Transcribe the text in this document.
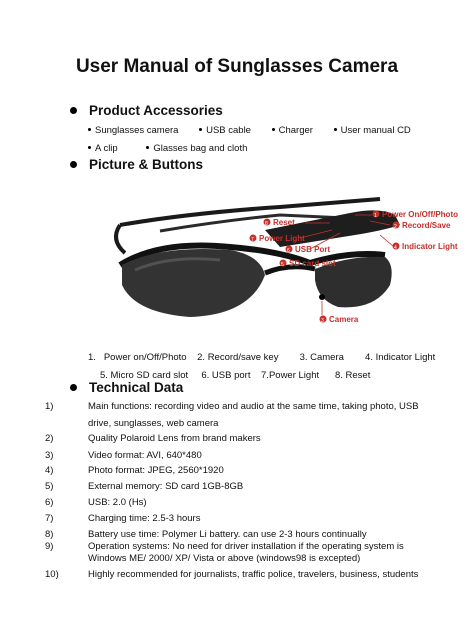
User Manual of Sunglasses Camera
Product Accessories
Sunglasses camera	USB cable	Charger	User manual CD
A clip	Glasses bag and cloth
Picture & Buttons
8 Reset
7 Power Light
6 USB Port
5 SD card slot
1 Power On/Off/Photo
2 Record/Save
4 Indicator Light
3 Camera
1.   Power on/Off/Photo    2. Record/save key        3. Camera        4. Indicator Light
5. Micro SD card slot     6. USB port    7.Power Light      8. Reset
Technical Data
1)	Main functions: recording video and audio at the same time, taking photo, USB
drive, sunglasses, web camera
2)	Quality Polaroid Lens from brand makers
3)	Video format: AVI, 640*480
4)	Photo format: JPEG, 2560*1920
5)	External memory: SD card 1GB-8GB
6)	USB: 2.0 (Hs)
7)	Charging time: 2.5-3 hours
8)	Battery use time: Polymer Li battery. can use 2-3 hours continually
9)	Operation systems: No need for driver installation if the operating system is
Windows ME/ 2000/ XP/ Vista or above (windows98 is excepted)
10)	Highly recommended for journalists, traffic police, travelers, business, students
